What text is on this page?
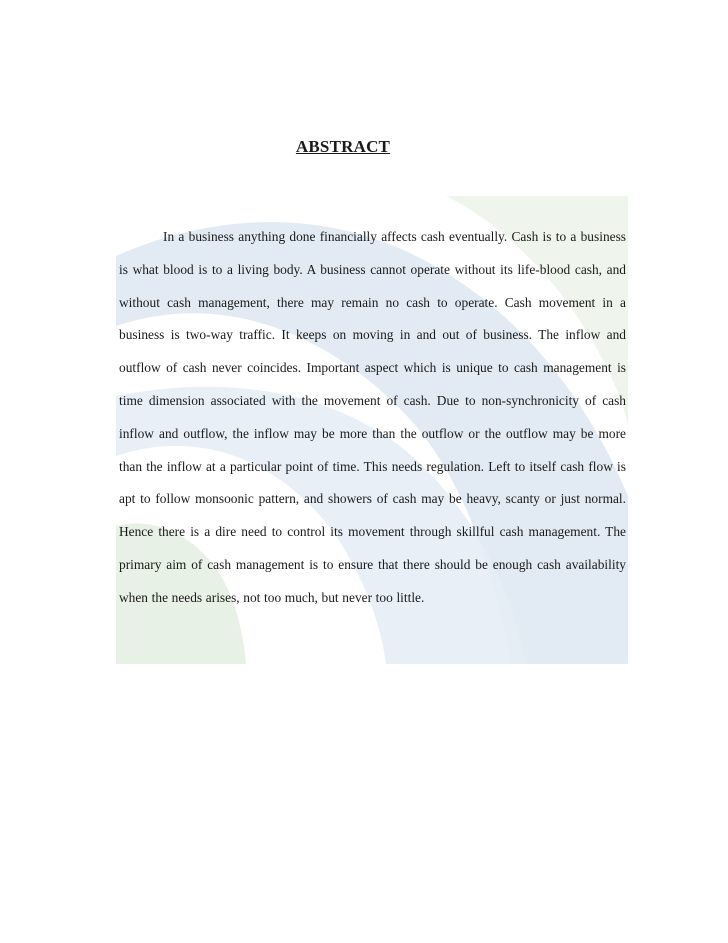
ABSTRACT

In a business anything done financially affects cash eventually. Cash is to a business is what blood is to a living body. A business cannot operate without its life-blood cash, and without cash management, there may remain no cash to operate. Cash movement in a business is two-way traffic. It keeps on moving in and out of business. The inflow and outflow of cash never coincides. Important aspect which is unique to cash management is time dimension associated with the movement of cash. Due to non-synchronicity of cash inflow and outflow, the inflow may be more than the outflow or the outflow may be more than the inflow at a particular point of time. This needs regulation. Left to itself cash flow is apt to follow monsoonic pattern, and showers of cash may be heavy, scanty or just normal. Hence there is a dire need to control its movement through skillful cash management. The primary aim of cash management is to ensure that there should be enough cash availability when the needs arises, not too much, but never too little.
